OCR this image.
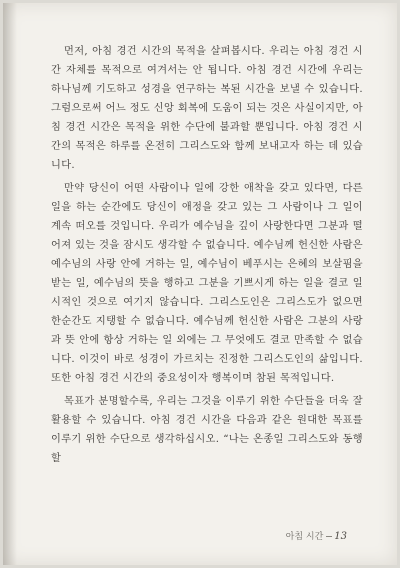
먼저, 아침 경건 시간의 목적을 살펴봅시다. 우리는 아침 경건 시간 자체를 목적으로 여겨서는 안 됩니다. 아침 경건 시간에 우리는 하나님께 기도하고 성경을 연구하는 복된 시간을 보낼 수 있습니다. 그럼으로써 어느 정도 신앙 회복에 도움이 되는 것은 사실이지만, 아침 경건 시간은 목적을 위한 수단에 불과할 뿐입니다. 아침 경건 시간의 목적은 하루를 온전히 그리스도와 함께 보내고자 하는 데 있습니다.

만약 당신이 어떤 사람이나 일에 강한 애착을 갖고 있다면, 다른 일을 하는 순간에도 당신이 애정을 갖고 있는 그 사람이나 그 일이 계속 떠오를 것입니다. 우리가 예수님을 깊이 사랑한다면 그분과 떨어져 있는 것을 잠시도 생각할 수 없습니다. 예수님께 헌신한 사람은 예수님의 사랑 안에 거하는 일, 예수님이 베푸시는 은혜의 보살핌을 받는 일, 예수님의 뜻을 행하고 그분을 기쁘시게 하는 일을 결코 일시적인 것으로 여기지 않습니다. 그리스도인은 그리스도가 없으면 한순간도 지탱할 수 없습니다. 예수님께 헌신한 사람은 그분의 사랑과 뜻 안에 항상 거하는 일 외에는 그 무엇에도 결코 만족할 수 없습니다. 이것이 바로 성경이 가르치는 진정한 그리스도인의 삶입니다. 또한 아침 경건 시간의 중요성이자 행복이며 참된 목적입니다.

목표가 분명할수록, 우리는 그것을 이루기 위한 수단들을 더욱 잘 활용할 수 있습니다. 아침 경건 시간을 다음과 같은 원대한 목표를 이루기 위한 수단으로 생각하십시오. “나는 온종일 그리스도와 동행할

아침 시간 13
